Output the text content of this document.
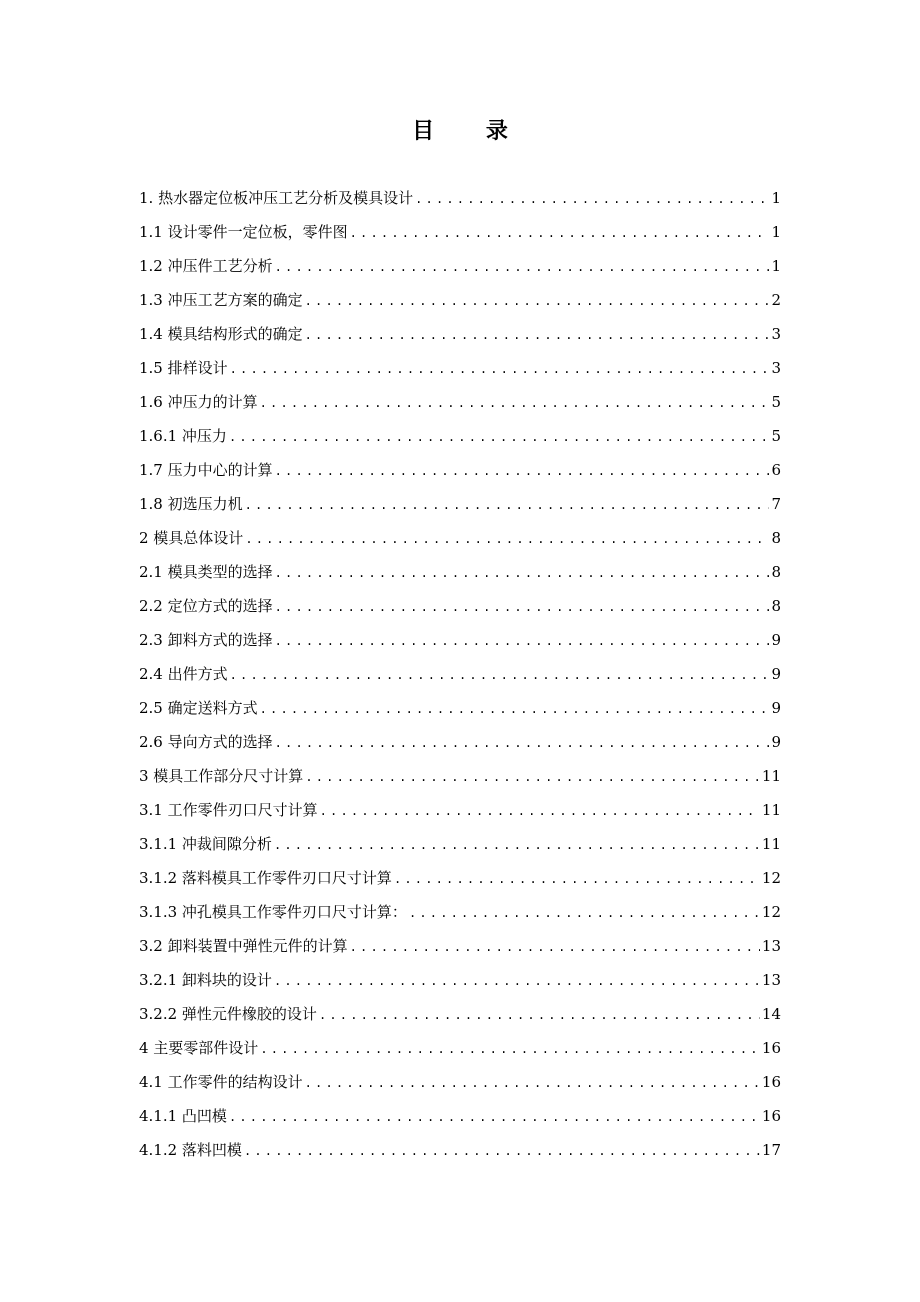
目 录
1. 热水器定位板冲压工艺分析及模具设计 .....	1
1.1 设计零件一定位板，零件图 .....	1
1.2 冲压件工艺分析 .....	1
1.3 冲压工艺方案的确定 .....	2
1.4 模具结构形式的确定 .....	3
1.5 排样设计 .....	3
1.6 冲压力的计算 .....	5
1.6.1 冲压力 .....	5
1.7 压力中心的计算 .....	6
1.8 初选压力机 .....	7
2 模具总体设计 .....	8
2.1 模具类型的选择 .....	8
2.2 定位方式的选择 .....	8
2.3 卸料方式的选择 .....	9
2.4 出件方式 .....	9
2.5 确定送料方式 .....	9
2.6 导向方式的选择 .....	9
3 模具工作部分尺寸计算 .....	11
3.1 工作零件刃口尺寸计算 .....	11
3.1.1 冲裁间隙分析 .....	11
3.1.2 落料模具工作零件刃口尺寸计算 .....	12
3.1.3 冲孔模具工作零件刃口尺寸计算： .....	12
3.2 卸料装置中弹性元件的计算 .....	13
3.2.1 卸料块的设计 .....	13
3.2.2 弹性元件橡胶的设计 .....	14
4 主要零部件设计 .....	16
4.1 工作零件的结构设计 .....	16
4.1.1 凸凹模 .....	16
4.1.2 落料凹模 .....	17
